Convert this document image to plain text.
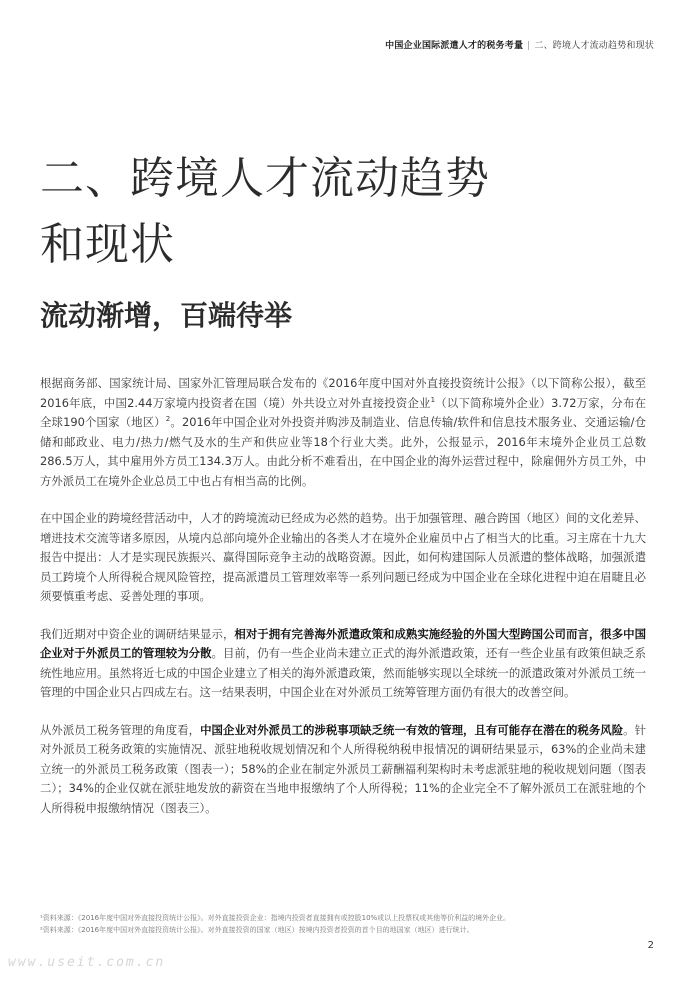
中国企业国际派遣人才的税务考量 | 二、跨境人才流动趋势和现状
二、跨境人才流动趋势
和现状
流动渐增，百端待举

根据商务部、国家统计局、国家外汇管理局联合发布的《2016年度中国对外直接投资统计公报》（以下简称公报），截至2016年底，中国2.44万家境内投资者在国（境）外共设立对外直接投资企业$^1$（以下简称境外企业）3.72万家，分布在全球190个国家（地区）$^2$。2016年中国企业对外投资并购涉及制造业、信息传输/软件和信息技术服务业、交通运输/仓储和邮政业、电力/热力/燃气及水的生产和供应业等18个行业大类。此外，公报显示，2016年末境外企业员工总数286.5万人，其中雇用外方员工134.3万人。由此分析不难看出，在中国企业的海外运营过程中，除雇佣外方员工外，中方外派员工在境外企业总员工中也占有相当高的比例。

在中国企业的跨境经营活动中，人才的跨境流动已经成为必然的趋势。出于加强管理、融合跨国（地区）间的文化差异、增进技术交流等诸多原因，从境内总部向境外企业输出的各类人才在境外企业雇员中占了相当大的比重。习主席在十九大报告中提出：人才是实现民族振兴、赢得国际竞争主动的战略资源。因此，如何构建国际人员派遣的整体战略，加强派遣员工跨境个人所得税合规风险管控，提高派遣员工管理效率等一系列问题已经成为中国企业在全球化进程中迫在眉睫且必须要慎重考虑、妥善处理的事项。

我们近期对中资企业的调研结果显示，相对于拥有完善海外派遣政策和成熟实施经验的外国大型跨国公司而言，很多中国企业对于外派员工的管理较为分散。目前，仍有一些企业尚未建立正式的海外派遣政策，还有一些企业虽有政策但缺乏系统性地应用。虽然将近七成的中国企业建立了相关的海外派遣政策，然而能够实现以全球统一的派遣政策对外派员工统一管理的中国企业只占四成左右。这一结果表明，中国企业在对外派员工统筹管理方面仍有很大的改善空间。

从外派员工税务管理的角度看，中国企业对外派员工的涉税事项缺乏统一有效的管理，且有可能存在潜在的税务风险。针对外派员工税务政策的实施情况、派驻地税收规划情况和个人所得税纳税申报情况的调研结果显示，63%的企业尚未建立统一的外派员工税务政策（图表一）；58%的企业在制定外派员工薪酬福利架构时未考虑派驻地的税收规划问题（图表二）；34%的企业仅就在派驻地发放的薪资在当地申报缴纳了个人所得税；11%的企业完全不了解外派员工在派驻地的个人所得税申报缴纳情况（图表三）。

¹资料来源：《2016年度中国对外直接投资统计公报》。对外直接投资企业：指境内投资者直接拥有或控股10%或以上投票权或其他等价利益的境外企业。
²资料来源：《2016年度中国对外直接投资统计公报》。对外直接投资的国家（地区）按境内投资者投资的首个目的地国家（地区）进行统计。
2
www.useit.com.cn
